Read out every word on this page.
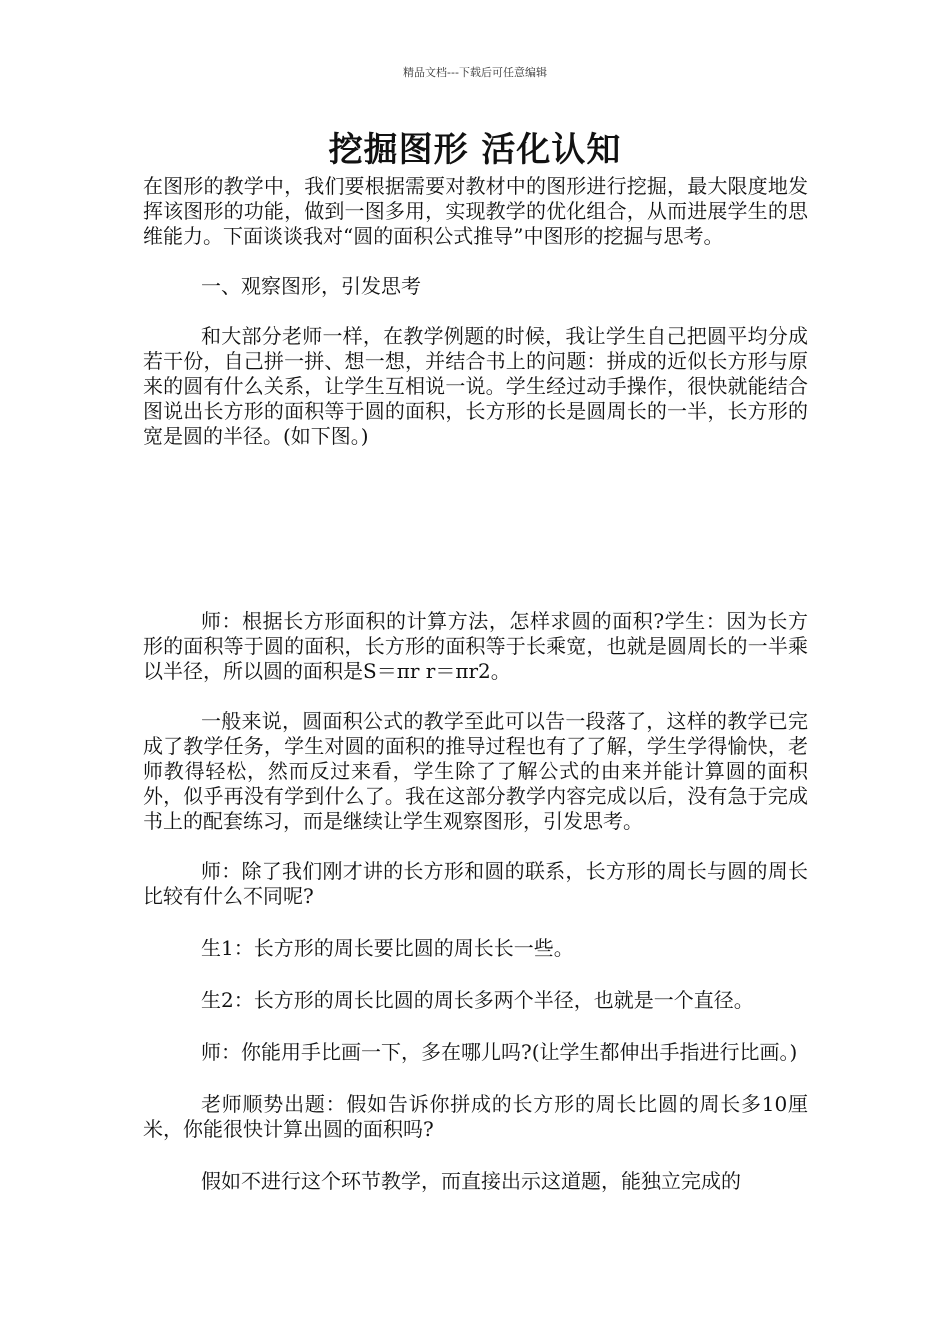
精品文档---下载后可任意编辑
挖掘图形 活化认知

在图形的教学中，我们要根据需要对教材中的图形进行挖掘，最大限度地发挥该图形的功能，做到一图多用，实现教学的优化组合，从而进展学生的思维能力。下面谈谈我对“圆的面积公式推导”中图形的挖掘与思考。

一、观察图形，引发思考

和大部分老师一样，在教学例题的时候，我让学生自己把圆平均分成若干份，自己拼一拼、想一想，并结合书上的问题：拼成的近似长方形与原来的圆有什么关系，让学生互相说一说。学生经过动手操作，很快就能结合图说出长方形的面积等于圆的面积，长方形的长是圆周长的一半，长方形的宽是圆的半径。(如下图。)

师：根据长方形面积的计算方法，怎样求圆的面积?学生：因为长方形的面积等于圆的面积，长方形的面积等于长乘宽，也就是圆周长的一半乘以半径，所以圆的面积是S＝πr r＝πr2。

一般来说，圆面积公式的教学至此可以告一段落了，这样的教学已完成了教学任务，学生对圆的面积的推导过程也有了了解，学生学得愉快，老师教得轻松，然而反过来看，学生除了了解公式的由来并能计算圆的面积外，似乎再没有学到什么了。我在这部分教学内容完成以后，没有急于完成书上的配套练习，而是继续让学生观察图形，引发思考。

师：除了我们刚才讲的长方形和圆的联系，长方形的周长与圆的周长比较有什么不同呢?

生1：长方形的周长要比圆的周长长一些。

生2：长方形的周长比圆的周长多两个半径，也就是一个直径。

师：你能用手比画一下，多在哪儿吗?(让学生都伸出手指进行比画。)

老师顺势出题：假如告诉你拼成的长方形的周长比圆的周长多10厘米，你能很快计算出圆的面积吗?

假如不进行这个环节教学，而直接出示这道题，能独立完成的
